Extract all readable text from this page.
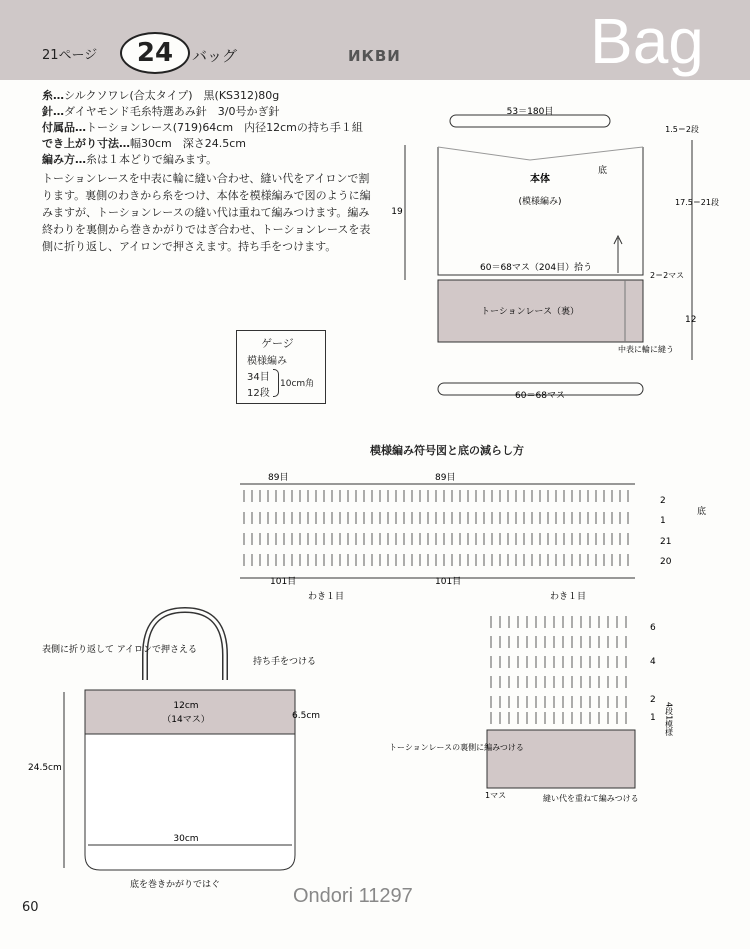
21ページ	24	バッグ	ИКВИ	Bag
糸…シルクソワレ(合太タイプ)　黒(KS312)80g
針…ダイヤモンド毛糸特選あみ針　3/0号かぎ針
付属品…トーションレース(719)64cm　内径12cmの持ち手１組
でき上がり寸法…幅30cm　深さ24.5cm
編み方…糸は１本どりで編みます。
トーションレースを中表に輪に縫い合わせ、縫い代をアイロンで割ります。裏側のわきから糸をつけ、本体を模様編みで図のように編みますが、トーションレースの縫い代は重ねて編みつけます。編み終わりを裏側から巻きかがりではぎ合わせ、トーションレースを表側に折り返し、アイロンで押さえます。持ち手をつけます。
ゲージ
模様編み
34目
12段
10cm角
53＝180目
底
本体
(模様編み)
60＝68マス（204目）拾う
トーションレース（裏）
60＝68マス
19
1.5＝2段
17.5＝21段
2＝2マス
12
中表に輪に縫う
模様編み符号図と底の減らし方
89目	89目
2
1
21
20
底
101目	101目
わき１目	わき１目
6
4
2
1 4段1模様
トーションレースの裏側に編みつける
1マス	縫い代を重ねて編みつける
表側に折り返して アイロンで押さえる
持ち手をつける
12cm
（14マス）	6.5cm
24.5cm
30cm
底を巻きかがりではぐ	Ondori 11297
60
